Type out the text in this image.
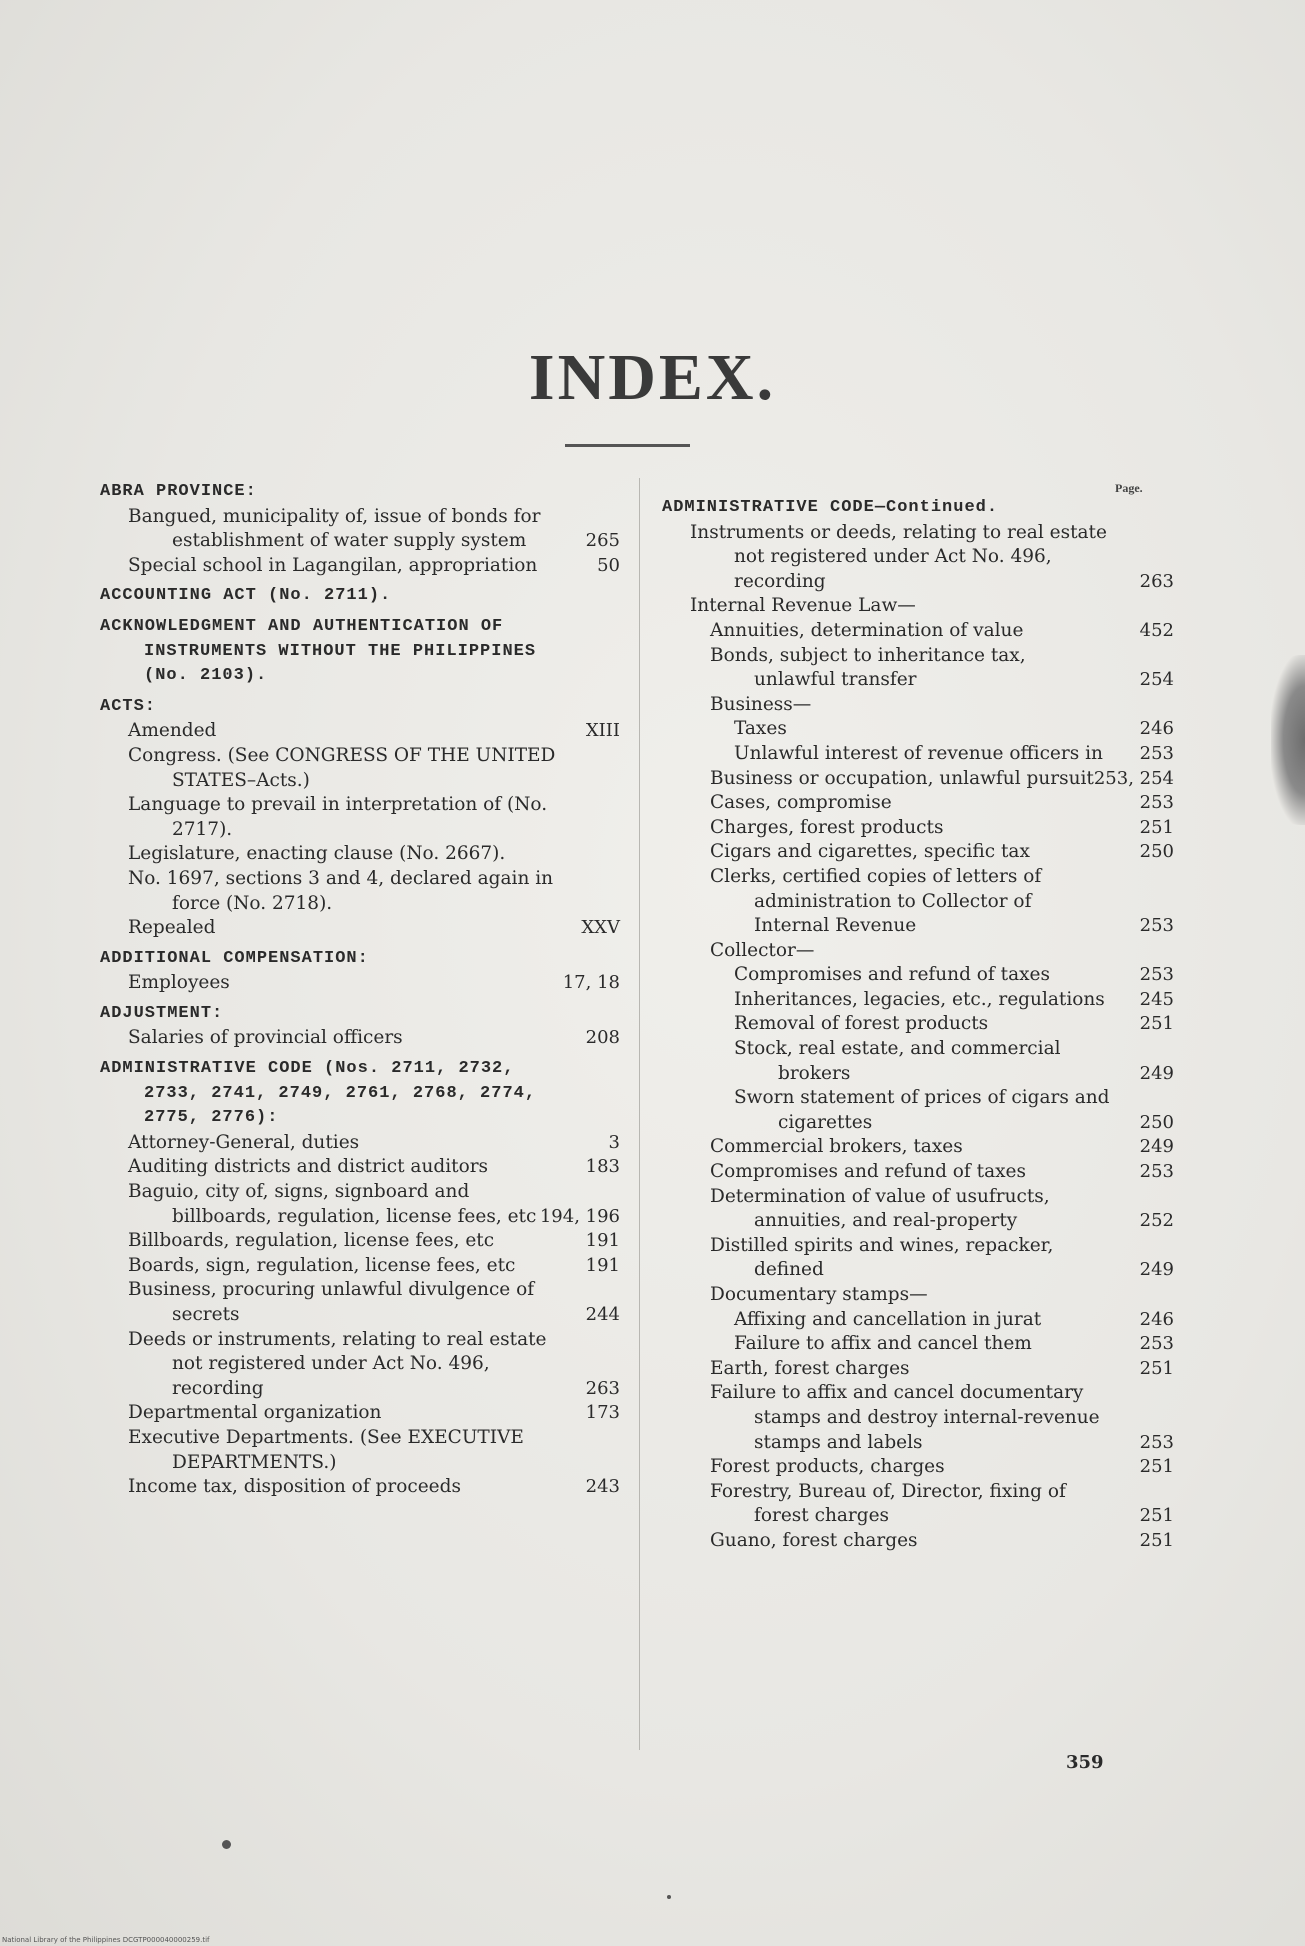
INDEX.
Page.
ABRA PROVINCE:
Bangued, municipality of, issue of bonds for establishment of water supply system	265
Special school in Lagangilan, appropriation	50
ACCOUNTING ACT (No. 2711).
ACKNOWLEDGMENT AND AUTHENTICATION OF INSTRUMENTS WITHOUT THE PHILIPPINES (No. 2103).
ACTS:
Amended	XIII
Congress. (See CONGRESS OF THE UNITED STATES–Acts.)
Language to prevail in interpretation of (No. 2717).
Legislature, enacting clause (No. 2667).
No. 1697, sections 3 and 4, declared again in force (No. 2718).
Repealed	XXV
ADDITIONAL COMPENSATION:
Employees	17, 18
ADJUSTMENT:
Salaries of provincial officers	208
ADMINISTRATIVE CODE (Nos. 2711, 2732, 2733, 2741, 2749, 2761, 2768, 2774, 2775, 2776):
Attorney-General, duties	3
Auditing districts and district auditors	183
Baguio, city of, signs, signboard and billboards, regulation, license fees, etc 194, 196
Billboards, regulation, license fees, etc	191
Boards, sign, regulation, license fees, etc	191
Business, procuring unlawful divulgence of secrets	244
Deeds or instruments, relating to real estate not registered under Act No. 496, recording	263
Departmental organization	173
Executive Departments. (See EXECUTIVE DEPARTMENTS.)
Income tax, disposition of proceeds	243
ADMINISTRATIVE CODE—Continued.
Instruments or deeds, relating to real estate not registered under Act No. 496, recording	263
Internal Revenue Law—
Annuities, determination of value	452
Bonds, subject to inheritance tax, unlawful transfer	254
Business—
Taxes	246
Unlawful interest of revenue officers in	253
Business or occupation, unlawful pursuit 253, 254
Cases, compromise	253
Charges, forest products	251
Cigars and cigarettes, specific tax	250
Clerks, certified copies of letters of administration to Collector of Internal Revenue	253
Collector—
Compromises and refund of taxes	253
Inheritances, legacies, etc., regulations	245
Removal of forest products	251
Stock, real estate, and commercial brokers	249
Sworn statement of prices of cigars and cigarettes	250
Commercial brokers, taxes	249
Compromises and refund of taxes	253
Determination of value of usufructs, annuities, and real-property	252
Distilled spirits and wines, repacker, defined	249
Documentary stamps—
Affixing and cancellation in jurat	246
Failure to affix and cancel them	253
Earth, forest charges	251
Failure to affix and cancel documentary stamps and destroy internal-revenue stamps and labels	253
Forest products, charges	251
Forestry, Bureau of, Director, fixing of forest charges	251
Guano, forest charges	251
359
National Library of the Philippines DCGTP000040000259.tif
